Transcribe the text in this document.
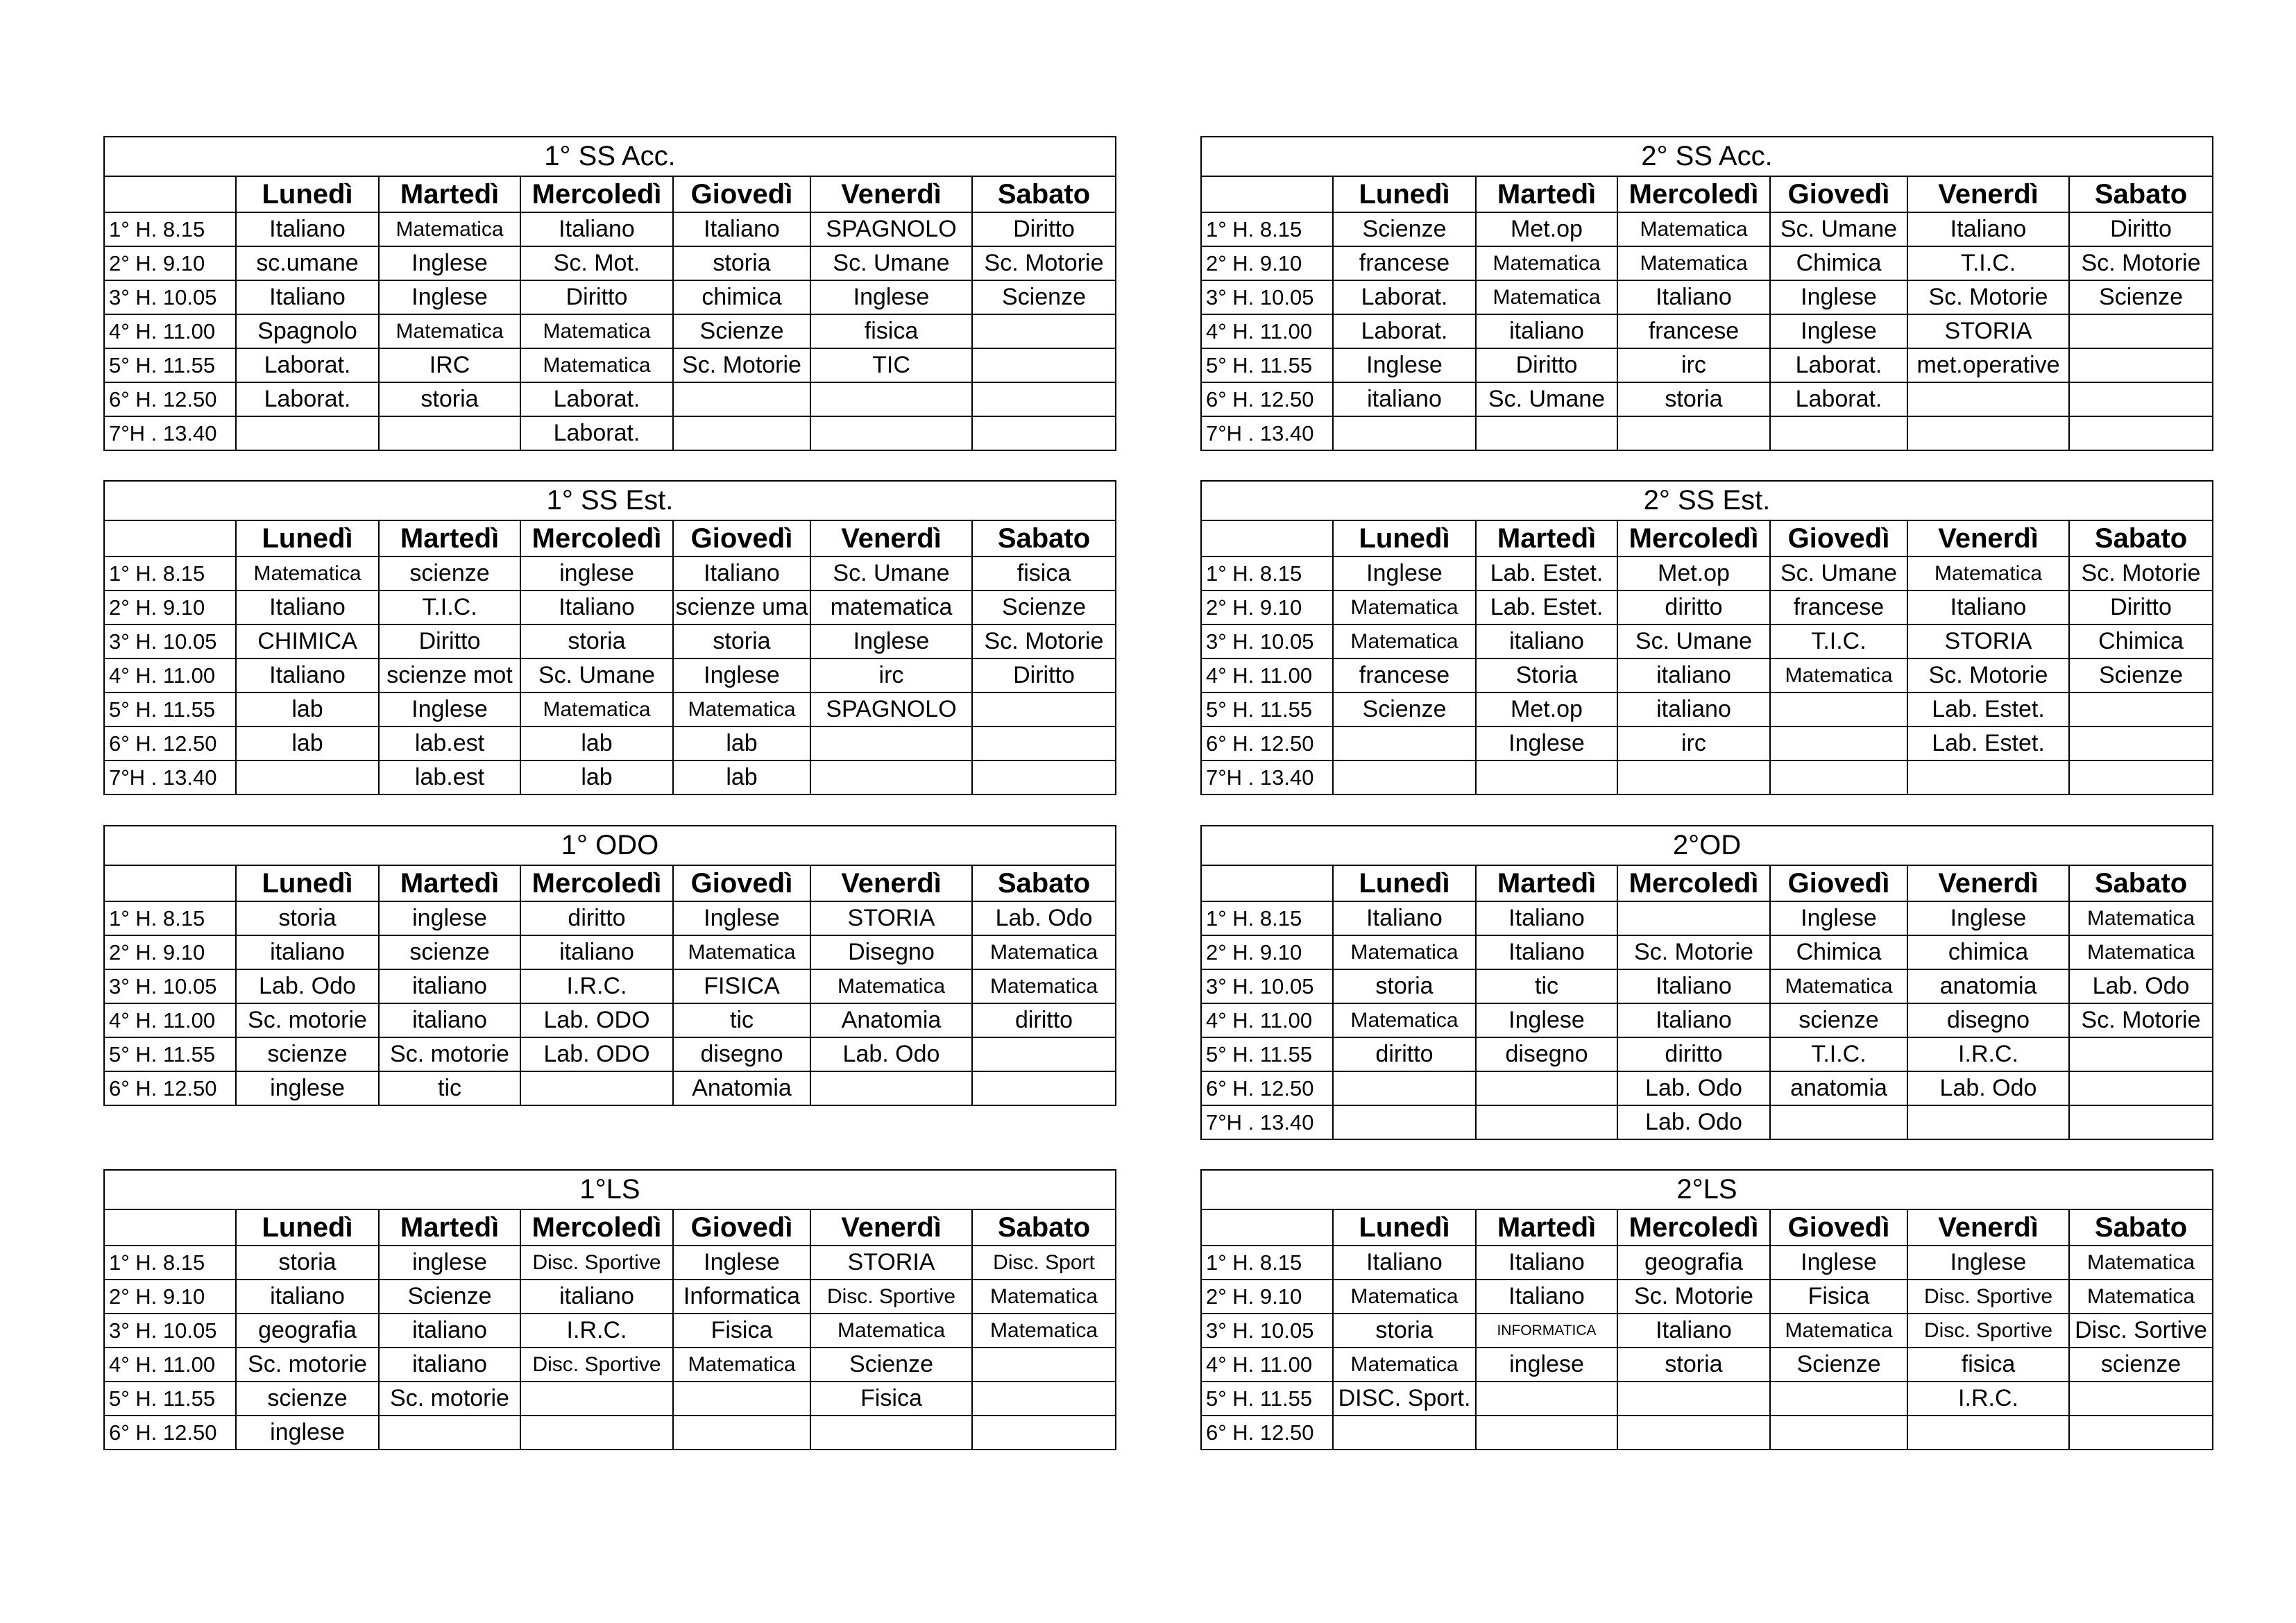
1° SS Acc.						
	Lunedì	Martedì	Mercoledì	Giovedì	Venerdì	Sabato
1° H. 8.15	Italiano	Matematica	Italiano	Italiano	SPAGNOLO	Diritto
2° H. 9.10	sc.umane	Inglese	Sc. Mot.	storia	Sc. Umane	Sc. Motorie
3° H. 10.05	Italiano	Inglese	Diritto	chimica	Inglese	Scienze
4° H. 11.00	Spagnolo	Matematica	Matematica	Scienze	fisica	
5° H. 11.55	Laborat.	IRC	Matematica	Sc. Motorie	TIC	
6° H. 12.50	Laborat.	storia	Laborat.			
7°H . 13.40			Laborat.			
2° SS Acc.						
	Lunedì	Martedì	Mercoledì	Giovedì	Venerdì	Sabato
1° H. 8.15	Scienze	Met.op	Matematica	Sc. Umane	Italiano	Diritto
2° H. 9.10	francese	Matematica	Matematica	Chimica	T.I.C.	Sc. Motorie
3° H. 10.05	Laborat.	Matematica	Italiano	Inglese	Sc. Motorie	Scienze
4° H. 11.00	Laborat.	italiano	francese	Inglese	STORIA	
5° H. 11.55	Inglese	Diritto	irc	Laborat.	met.operative	
6° H. 12.50	italiano	Sc. Umane	storia	Laborat.		
7°H . 13.40						
1° SS Est.						
	Lunedì	Martedì	Mercoledì	Giovedì	Venerdì	Sabato
1° H. 8.15	Matematica	scienze	inglese	Italiano	Sc. Umane	fisica
2° H. 9.10	Italiano	T.I.C.	Italiano	scienze uma	matematica	Scienze
3° H. 10.05	CHIMICA	Diritto	storia	storia	Inglese	Sc. Motorie
4° H. 11.00	Italiano	scienze mot	Sc. Umane	Inglese	irc	Diritto
5° H. 11.55	lab	Inglese	Matematica	Matematica	SPAGNOLO	
6° H. 12.50	lab	lab.est	lab	lab		
7°H . 13.40		lab.est	lab	lab		
2° SS Est.						
	Lunedì	Martedì	Mercoledì	Giovedì	Venerdì	Sabato
1° H. 8.15	Inglese	Lab. Estet.	Met.op	Sc. Umane	Matematica	Sc. Motorie
2° H. 9.10	Matematica	Lab. Estet.	diritto	francese	Italiano	Diritto
3° H. 10.05	Matematica	italiano	Sc. Umane	T.I.C.	STORIA	Chimica
4° H. 11.00	francese	Storia	italiano	Matematica	Sc. Motorie	Scienze
5° H. 11.55	Scienze	Met.op	italiano		Lab. Estet.	
6° H. 12.50		Inglese	irc		Lab. Estet.	
7°H . 13.40						
1° ODO						
	Lunedì	Martedì	Mercoledì	Giovedì	Venerdì	Sabato
1° H. 8.15	storia	inglese	diritto	Inglese	STORIA	Lab. Odo
2° H. 9.10	italiano	scienze	italiano	Matematica	Disegno	Matematica
3° H. 10.05	Lab. Odo	italiano	I.R.C.	FISICA	Matematica	Matematica
4° H. 11.00	Sc. motorie	italiano	Lab. ODO	tic	Anatomia	diritto
5° H. 11.55	scienze	Sc. motorie	Lab. ODO	disegno	Lab. Odo	
6° H. 12.50	inglese	tic		Anatomia		
2°OD						
	Lunedì	Martedì	Mercoledì	Giovedì	Venerdì	Sabato
1° H. 8.15	Italiano	Italiano		Inglese	Inglese	Matematica
2° H. 9.10	Matematica	Italiano	Sc. Motorie	Chimica	chimica	Matematica
3° H. 10.05	storia	tic	Italiano	Matematica	anatomia	Lab. Odo
4° H. 11.00	Matematica	Inglese	Italiano	scienze	disegno	Sc. Motorie
5° H. 11.55	diritto	disegno	diritto	T.I.C.	I.R.C.	
6° H. 12.50			Lab. Odo	anatomia	Lab. Odo	
7°H . 13.40			Lab. Odo			
1°LS						
	Lunedì	Martedì	Mercoledì	Giovedì	Venerdì	Sabato
1° H. 8.15	storia	inglese	Disc. Sportive	Inglese	STORIA	Disc. Sport
2° H. 9.10	italiano	Scienze	italiano	Informatica	Disc. Sportive	Matematica
3° H. 10.05	geografia	italiano	I.R.C.	Fisica	Matematica	Matematica
4° H. 11.00	Sc. motorie	italiano	Disc. Sportive	Matematica	Scienze	
5° H. 11.55	scienze	Sc. motorie			Fisica	
6° H. 12.50	inglese					
2°LS						
	Lunedì	Martedì	Mercoledì	Giovedì	Venerdì	Sabato
1° H. 8.15	Italiano	Italiano	geografia	Inglese	Inglese	Matematica
2° H. 9.10	Matematica	Italiano	Sc. Motorie	Fisica	Disc. Sportive	Matematica
3° H. 10.05	storia	INFORMATICA	Italiano	Matematica	Disc. Sportive	Disc. Sortive
4° H. 11.00	Matematica	inglese	storia	Scienze	fisica	scienze
5° H. 11.55	DISC. Sport.				I.R.C.	
6° H. 12.50						
